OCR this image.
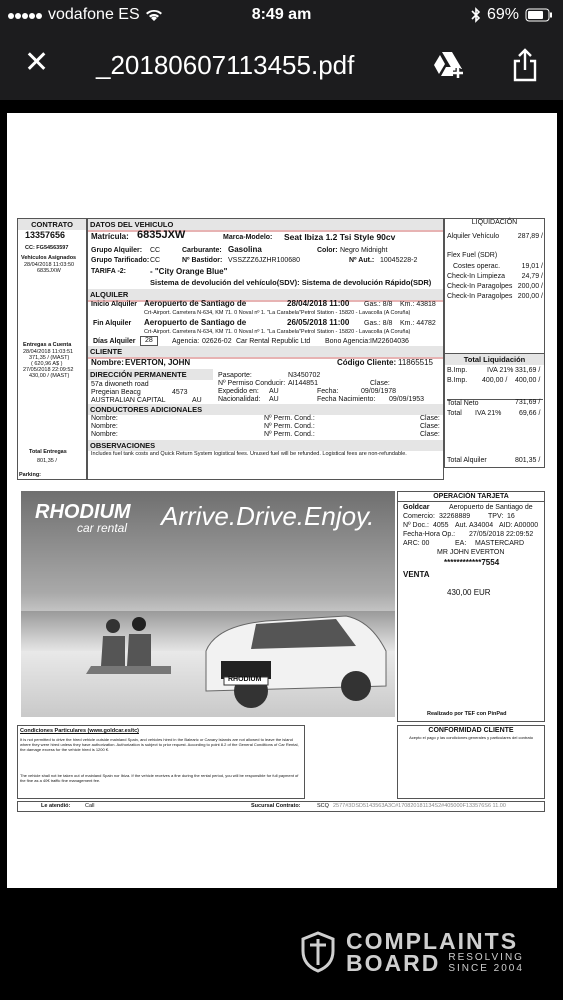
vodafone ES	8:49 am	69%
✕ _20180607113455.pdf
CONTRATO
13357656
CC: FG54563597
Vehiculos Asignados
28/04/2018 11:03:50
6835JXW
Entregas a Cuenta
28/04/2018 11:03:51
371,35 / (MAST)
( 620,96 A$ )
27/05/2018 22:09:52
430,00 / (MAST)
Total Entregas
801,35 /
Parking:
DATOS DEL VEHICULO
Matrícula: 6835JXW	Marca-Modelo: Seat Ibiza 1.2 Tsi Style 90cv
Grupo Alquiler: CC	Carburante: Gasolina	Color: Negro Midnight
Grupo Tarificado: CC	Nº Bastidor: VSSZZZ6JZHR100680	Nº Aut.: 10045228-2
TARIFA -2:	- "City Orange Blue"
Sistema de devolución del vehículo(SDV): Sistema de devolución Rápido(SDR)
ALQUILER
Inicio Alquiler Aeropuerto de Santiago de	28/04/2018 11:00 Gas.: 8/8 Km.: 43818
Crt-Airport. Carretera N-634, KM 71. 0 Noval nº 1. "La Carabela"Petrol Station - 15820 - Lavacolla (A Coruña)
Fin Alquiler Aeropuerto de Santiago de	26/05/2018 11:00 Gas.: 8/8 Km.: 44782
Crt-Airport. Carretera N-634, KM 71. 0 Noval nº 1. "La Carabela"Petrol Station - 15820 - Lavacolla (A Coruña)
Días Alquiler	28	Agencia: 02626-02 Car Rental Republic Ltd Bono Agencia: IM22604036
CLIENTE
Nombre: EVERTON, JOHN	Código Cliente: 11865515
DIRECCIÓN PERMANENTE
57a diwoneth road
Pregeian Beacg	4573
AUSTRALIAN CAPITAL	AU
Pasaporte:	N3450702
Nº Permiso Conducir: AI144851	Clase:
Expedido en: AU	Fecha:	09/09/1978
Nacionalidad: AU	Fecha Nacimiento: 09/09/1953
CONDUCTORES ADICIONALES
Nombre:	Nº Perm. Cond.:	Clase:
Nombre:	Nº Perm. Cond.:	Clase:
Nombre:	Nº Perm. Cond.:	Clase:
OBSERVACIONES
Includes fuel tank costs and Quick Return System logistical fees. Unused fuel will be refunded. Logistical fees are non-refundable.
LIQUIDACIÓN
Alquiler Vehículo	287,89 /
Flex Fuel (SDR)
Costes operac.	19,01 /
Check-In Limpieza 24,79 /
Check-In Paragolpes 200,00 /
Check-In Paragolpes 200,00 /
Total Liquidación
B.Imp.	IVA 21% 331,69 /
B.Imp. 400,00 / 400,00 /
Total Neto	731,69 /
Total IVA 21%	69,66 /
Total Alquiler	801,35 /
RHODIUM
car rental Arrive.Drive.Enjoy.
RHODIUM
OPERACIÓN TARJETA
Goldcar	Aeropuerto de Santiago de
Comercio: 32268889	TPV: 16
Nº Doc.: 4055 Aut. A34004 AID: A00000
Fecha-Hora Op.: 27/05/2018 22:09:52
ARC: 00	EA: MASTERCARD
MR JOHN EVERTON
************7554
VENTA
430,00 EUR
Realizado por TEF con PinPad
Condiciones Particulares (www.goldcar.es/tc)
It is not permitted to drive the hired vehicle outside mainland Spain, and vehicles hired in the Balearic or Canary Islands are not allowed to leave the island where they were hired unless they have authorization. Authorization is subject to prior request. According to point 8.2 of the General Conditions of Car Rental, the damage excess for the vehicle hired is 1200 €.
The vehicle shall not be taken out of mainland Spain nor Ibiza. If the vehicle receives a fine during the rental period, you will be responsible for full payment of the fine as a 40€ traffic fine management fee.
CONFORMIDAD CLIENTE
Acepto el pago y las condiciones generales y particulares del contrato
Le atendió:	Call	Sucursal Contrato:	SCQ 2577#3DSD5143563A3C#170820181134S2#405000F133576S6 11.00
COMPLAINTS
BOARD RESOLVING
SINCE 2004
